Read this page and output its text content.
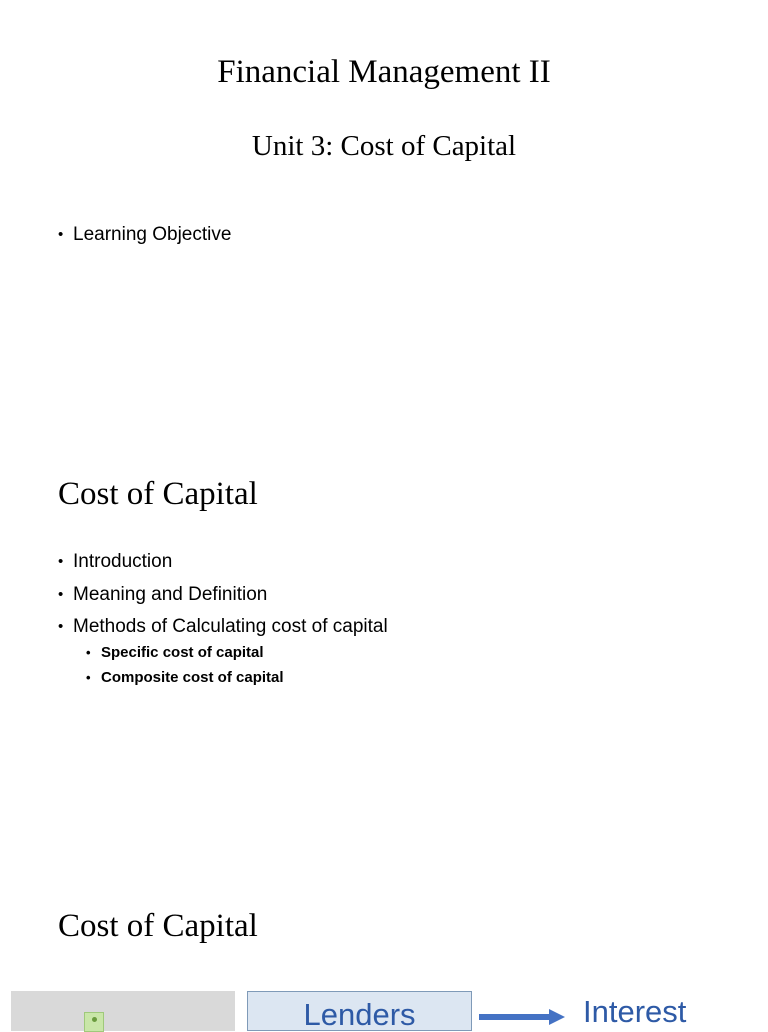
Financial Management II
Unit 3: Cost of Capital
• Learning Objective
Cost of Capital
• Introduction
• Meaning and Definition
• Methods of Calculating cost of capital
• Specific cost of capital
• Composite cost of capital
Cost of Capital
Lenders	Interest
